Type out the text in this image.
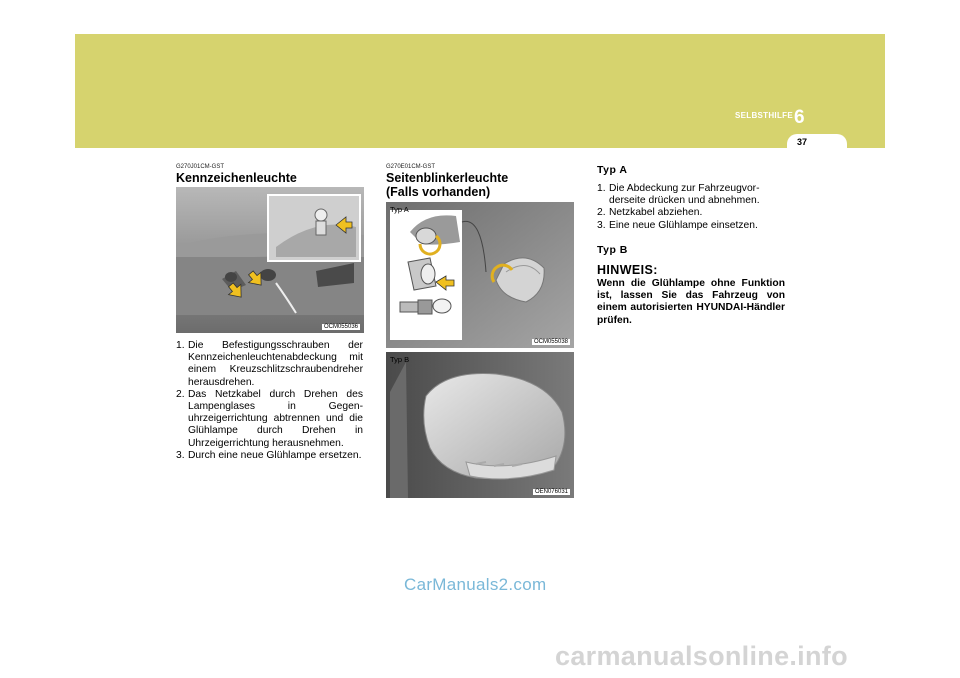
SELBSTHILFE 6
37
G270J01CM-GST
Kennzeichenleuchte
OCM055036
1. Die Befestigungsschrauben der Kennzeichenleuchtenabdeckung mit einem Kreuzschlitzschraubendreher herausdrehen.
2. Das Netzkabel durch Drehen des Lampenglases in Gegen-uhrzeigerrichtung abtrennen und die Glühlampe durch Drehen in Uhrzeigerrichtung herausnehmen.
3. Durch eine neue Glühlampe ersetzen.
G270E01CM-GST
Seitenblinkerleuchte
(Falls vorhanden)
Typ A
OCM055038
Typ B
OEN076031
Typ A
1. Die Abdeckung zur Fahrzeugvor-derseite drücken und abnehmen.
2. Netzkabel abziehen.
3. Eine neue Glühlampe einsetzen.
Typ B
HINWEIS:
Wenn die Glühlampe ohne Funktion ist, lassen Sie das Fahrzeug von einem autorisierten HYUNDAI-Händler prüfen.
CarManuals2.com
carmanualsonline.info
